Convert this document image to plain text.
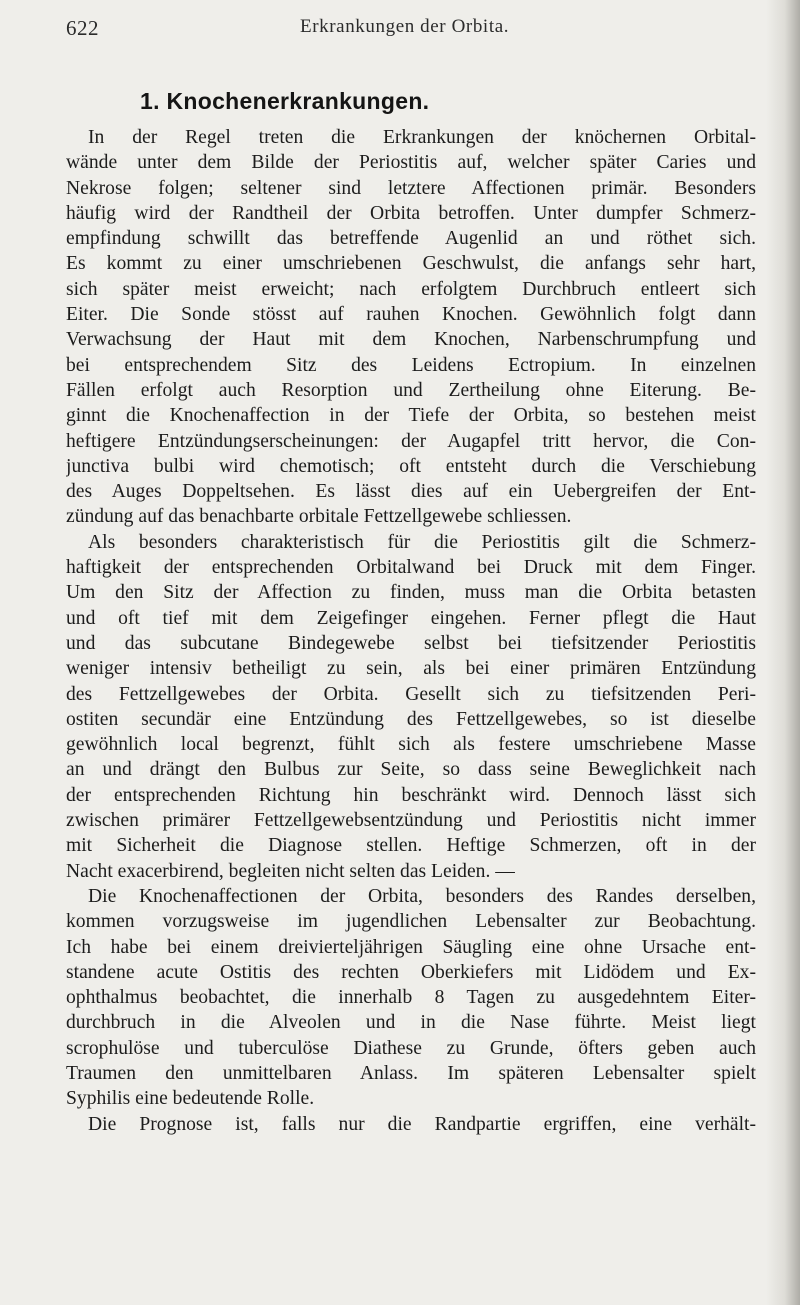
622	Erkrankungen der Orbita.
1. Knochenerkrankungen.
In der Regel treten die Erkrankungen der knöchernen Orbital-
wände unter dem Bilde der Periostitis auf, welcher später Caries und
Nekrose folgen; seltener sind letztere Affectionen primär. Besonders
häufig wird der Randtheil der Orbita betroffen. Unter dumpfer Schmerz-
empfindung schwillt das betreffende Augenlid an und röthet sich.
Es kommt zu einer umschriebenen Geschwulst, die anfangs sehr hart,
sich später meist erweicht; nach erfolgtem Durchbruch entleert sich
Eiter. Die Sonde stösst auf rauhen Knochen. Gewöhnlich folgt dann
Verwachsung der Haut mit dem Knochen, Narbenschrumpfung und
bei entsprechendem Sitz des Leidens Ectropium. In einzelnen
Fällen erfolgt auch Resorption und Zertheilung ohne Eiterung. Be-
ginnt die Knochenaffection in der Tiefe der Orbita, so bestehen meist
heftigere Entzündungserscheinungen: der Augapfel tritt hervor, die Con-
junctiva bulbi wird chemotisch; oft entsteht durch die Verschiebung
des Auges Doppeltsehen. Es lässt dies auf ein Uebergreifen der Ent-
zündung auf das benachbarte orbitale Fettzellgewebe schliessen.
Als besonders charakteristisch für die Periostitis gilt die Schmerz-
haftigkeit der entsprechenden Orbitalwand bei Druck mit dem Finger.
Um den Sitz der Affection zu finden, muss man die Orbita betasten
und oft tief mit dem Zeigefinger eingehen. Ferner pflegt die Haut
und das subcutane Bindegewebe selbst bei tiefsitzender Periostitis
weniger intensiv betheiligt zu sein, als bei einer primären Entzündung
des Fettzellgewebes der Orbita. Gesellt sich zu tiefsitzenden Peri-
ostiten secundär eine Entzündung des Fettzellgewebes, so ist dieselbe
gewöhnlich local begrenzt, fühlt sich als festere umschriebene Masse
an und drängt den Bulbus zur Seite, so dass seine Beweglichkeit nach
der entsprechenden Richtung hin beschränkt wird. Dennoch lässt sich
zwischen primärer Fettzellgewebsentzündung und Periostitis nicht immer
mit Sicherheit die Diagnose stellen. Heftige Schmerzen, oft in der
Nacht exacerbirend, begleiten nicht selten das Leiden. —
Die Knochenaffectionen der Orbita, besonders des Randes derselben,
kommen vorzugsweise im jugendlichen Lebensalter zur Beobachtung.
Ich habe bei einem dreivierteljährigen Säugling eine ohne Ursache ent-
standene acute Ostitis des rechten Oberkiefers mit Lidödem und Ex-
ophthalmus beobachtet, die innerhalb 8 Tagen zu ausgedehntem Eiter-
durchbruch in die Alveolen und in die Nase führte. Meist liegt
scrophulöse und tuberculöse Diathese zu Grunde, öfters geben auch
Traumen den unmittelbaren Anlass. Im späteren Lebensalter spielt
Syphilis eine bedeutende Rolle.
Die Prognose ist, falls nur die Randpartie ergriffen, eine verhält-
